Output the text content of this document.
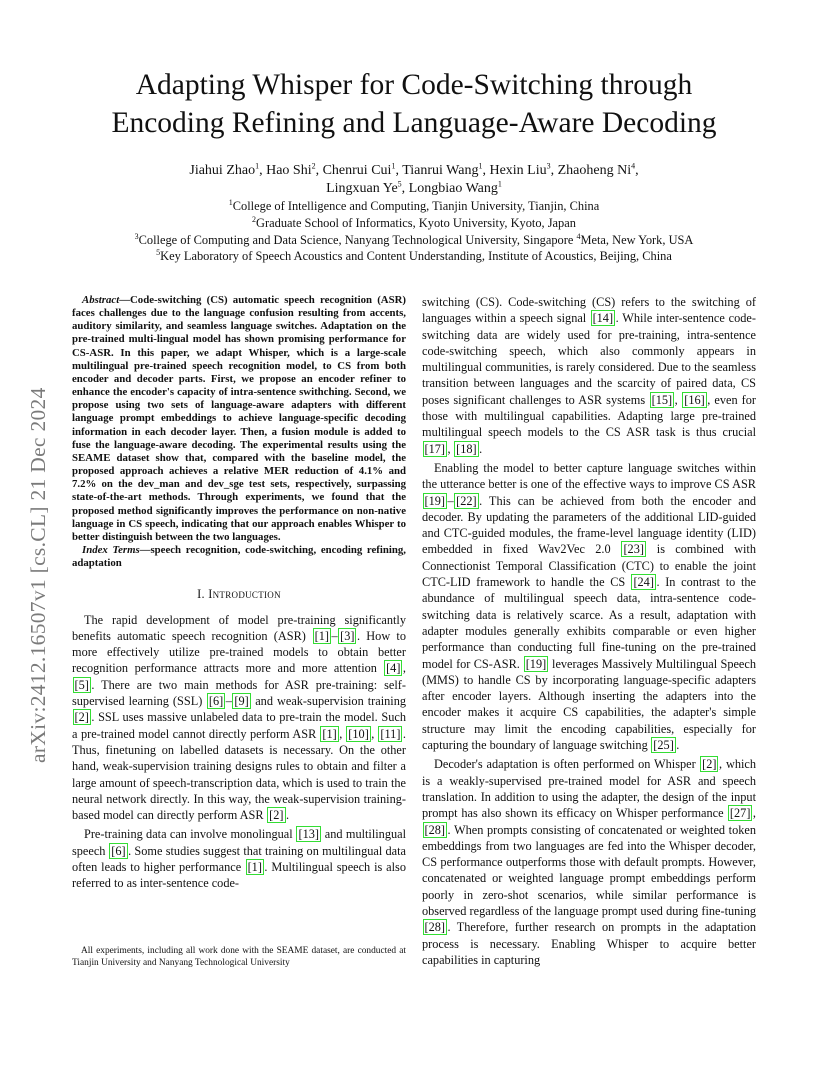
arXiv:2412.16507v1 [cs.CL] 21 Dec 2024
Adapting Whisper for Code-Switching through
Encoding Refining and Language-Aware Decoding
Jiahui Zhao$^1$, Hao Shi$^2$, Chenrui Cui$^1$, Tianrui Wang$^1$, Hexin Liu$^3$, Zhaoheng Ni$^4$,
Lingxuan Ye$^5$, Longbiao Wang$^1$
$^1$College of Intelligence and Computing, Tianjin University, Tianjin, China
$^2$Graduate School of Informatics, Kyoto University, Kyoto, Japan
$^3$College of Computing and Data Science, Nanyang Technological University, Singapore $^4$Meta, New York, USA
$^5$Key Laboratory of Speech Acoustics and Content Understanding, Institute of Acoustics, Beijing, China
Abstract—Code-switching (CS) automatic speech recognition (ASR) faces challenges due to the language confusion resulting from accents, auditory similarity, and seamless language switches. Adaptation on the pre-trained multi-lingual model has shown promising performance for CS-ASR. In this paper, we adapt Whisper, which is a large-scale multilingual pre-trained speech recognition model, to CS from both encoder and decoder parts. First, we propose an encoder refiner to enhance the encoder's capacity of intra-sentence swithching. Second, we propose using two sets of language-aware adapters with different language prompt embeddings to achieve language-specific decoding information in each decoder layer. Then, a fusion module is added to fuse the language-aware decoding. The experimental results using the SEAME dataset show that, compared with the baseline model, the proposed approach achieves a relative MER reduction of 4.1% and 7.2% on the dev_man and dev_sge test sets, respectively, surpassing state-of-the-art methods. Through experiments, we found that the proposed method significantly improves the performance on non-native language in CS speech, indicating that our approach enables Whisper to better distinguish between the two languages.
Index Terms—speech recognition, code-switching, encoding refining, adaptation
I. Introduction

The rapid development of model pre-training significantly benefits automatic speech recognition (ASR) [1] – [3] . How to more effectively utilize pre-trained models to obtain better recognition performance attracts more and more attention [4] , [5] . There are two main methods for ASR pre-training: self-supervised learning (SSL) [6] – [9] and weak-supervision training [2] . SSL uses massive unlabeled data to pre-train the model. Such a pre-trained model cannot directly perform ASR [1] , [10] , [11] . Thus, finetuning on labelled datasets is necessary. On the other hand, weak-supervision training designs rules to obtain and filter a large amount of speech-transcription data, which is used to train the neural network directly. In this way, the weak-supervision training-based model can directly perform ASR [2] .

Pre-training data can involve monolingual [13] and multilingual speech [6] . Some studies suggest that training on multilingual data often leads to higher performance [1] . Multilingual speech is also referred to as inter-sentence code-

switching (CS). Code-switching (CS) refers to the switching of languages within a speech signal [14] . While inter-sentence code-switching data are widely used for pre-training, intra-sentence code-switching speech, which also commonly appears in multilingual communities, is rarely considered. Due to the seamless transition between languages and the scarcity of paired data, CS poses significant challenges to ASR systems [15] , [16] , even for those with multilingual capabilities. Adapting large pre-trained multilingual speech models to the CS ASR task is thus crucial [17] , [18] .

Enabling the model to better capture language switches within the utterance better is one of the effective ways to improve CS ASR [19] – [22] . This can be achieved from both the encoder and decoder. By updating the parameters of the additional LID-guided and CTC-guided modules, the frame-level language identity (LID) embedded in fixed Wav2Vec 2.0 [23] is combined with Connectionist Temporal Classification (CTC) to enable the joint CTC-LID framework to handle the CS [24] . In contrast to the abundance of multilingual speech data, intra-sentence code-switching data is relatively scarce. As a result, adaptation with adapter modules generally exhibits comparable or even higher performance than conducting full fine-tuning on the pre-trained model for CS-ASR. [19] leverages Massively Multilingual Speech (MMS) to handle CS by incorporating language-specific adapters after encoder layers. Although inserting the adapters into the encoder makes it acquire CS capabilities, the adapter's simple structure may limit the encoding capabilities, especially for capturing the boundary of language switching [25] .

Decoder's adaptation is often performed on Whisper [2] , which is a weakly-supervised pre-trained model for ASR and speech translation. In addition to using the adapter, the design of the input prompt has also shown its efficacy on Whisper performance [27] , [28] . When prompts consisting of concatenated or weighted token embeddings from two languages are fed into the Whisper decoder, CS performance outperforms those with default prompts. However, concatenated or weighted language prompt embeddings perform poorly in zero-shot scenarios, while similar performance is observed regardless of the language prompt used during fine-tuning [28] . Therefore, further research on prompts in the adaptation process is necessary. Enabling Whisper to acquire better capabilities in capturing

All experiments, including all work done with the SEAME dataset, are conducted at Tianjin University and Nanyang Technological University
